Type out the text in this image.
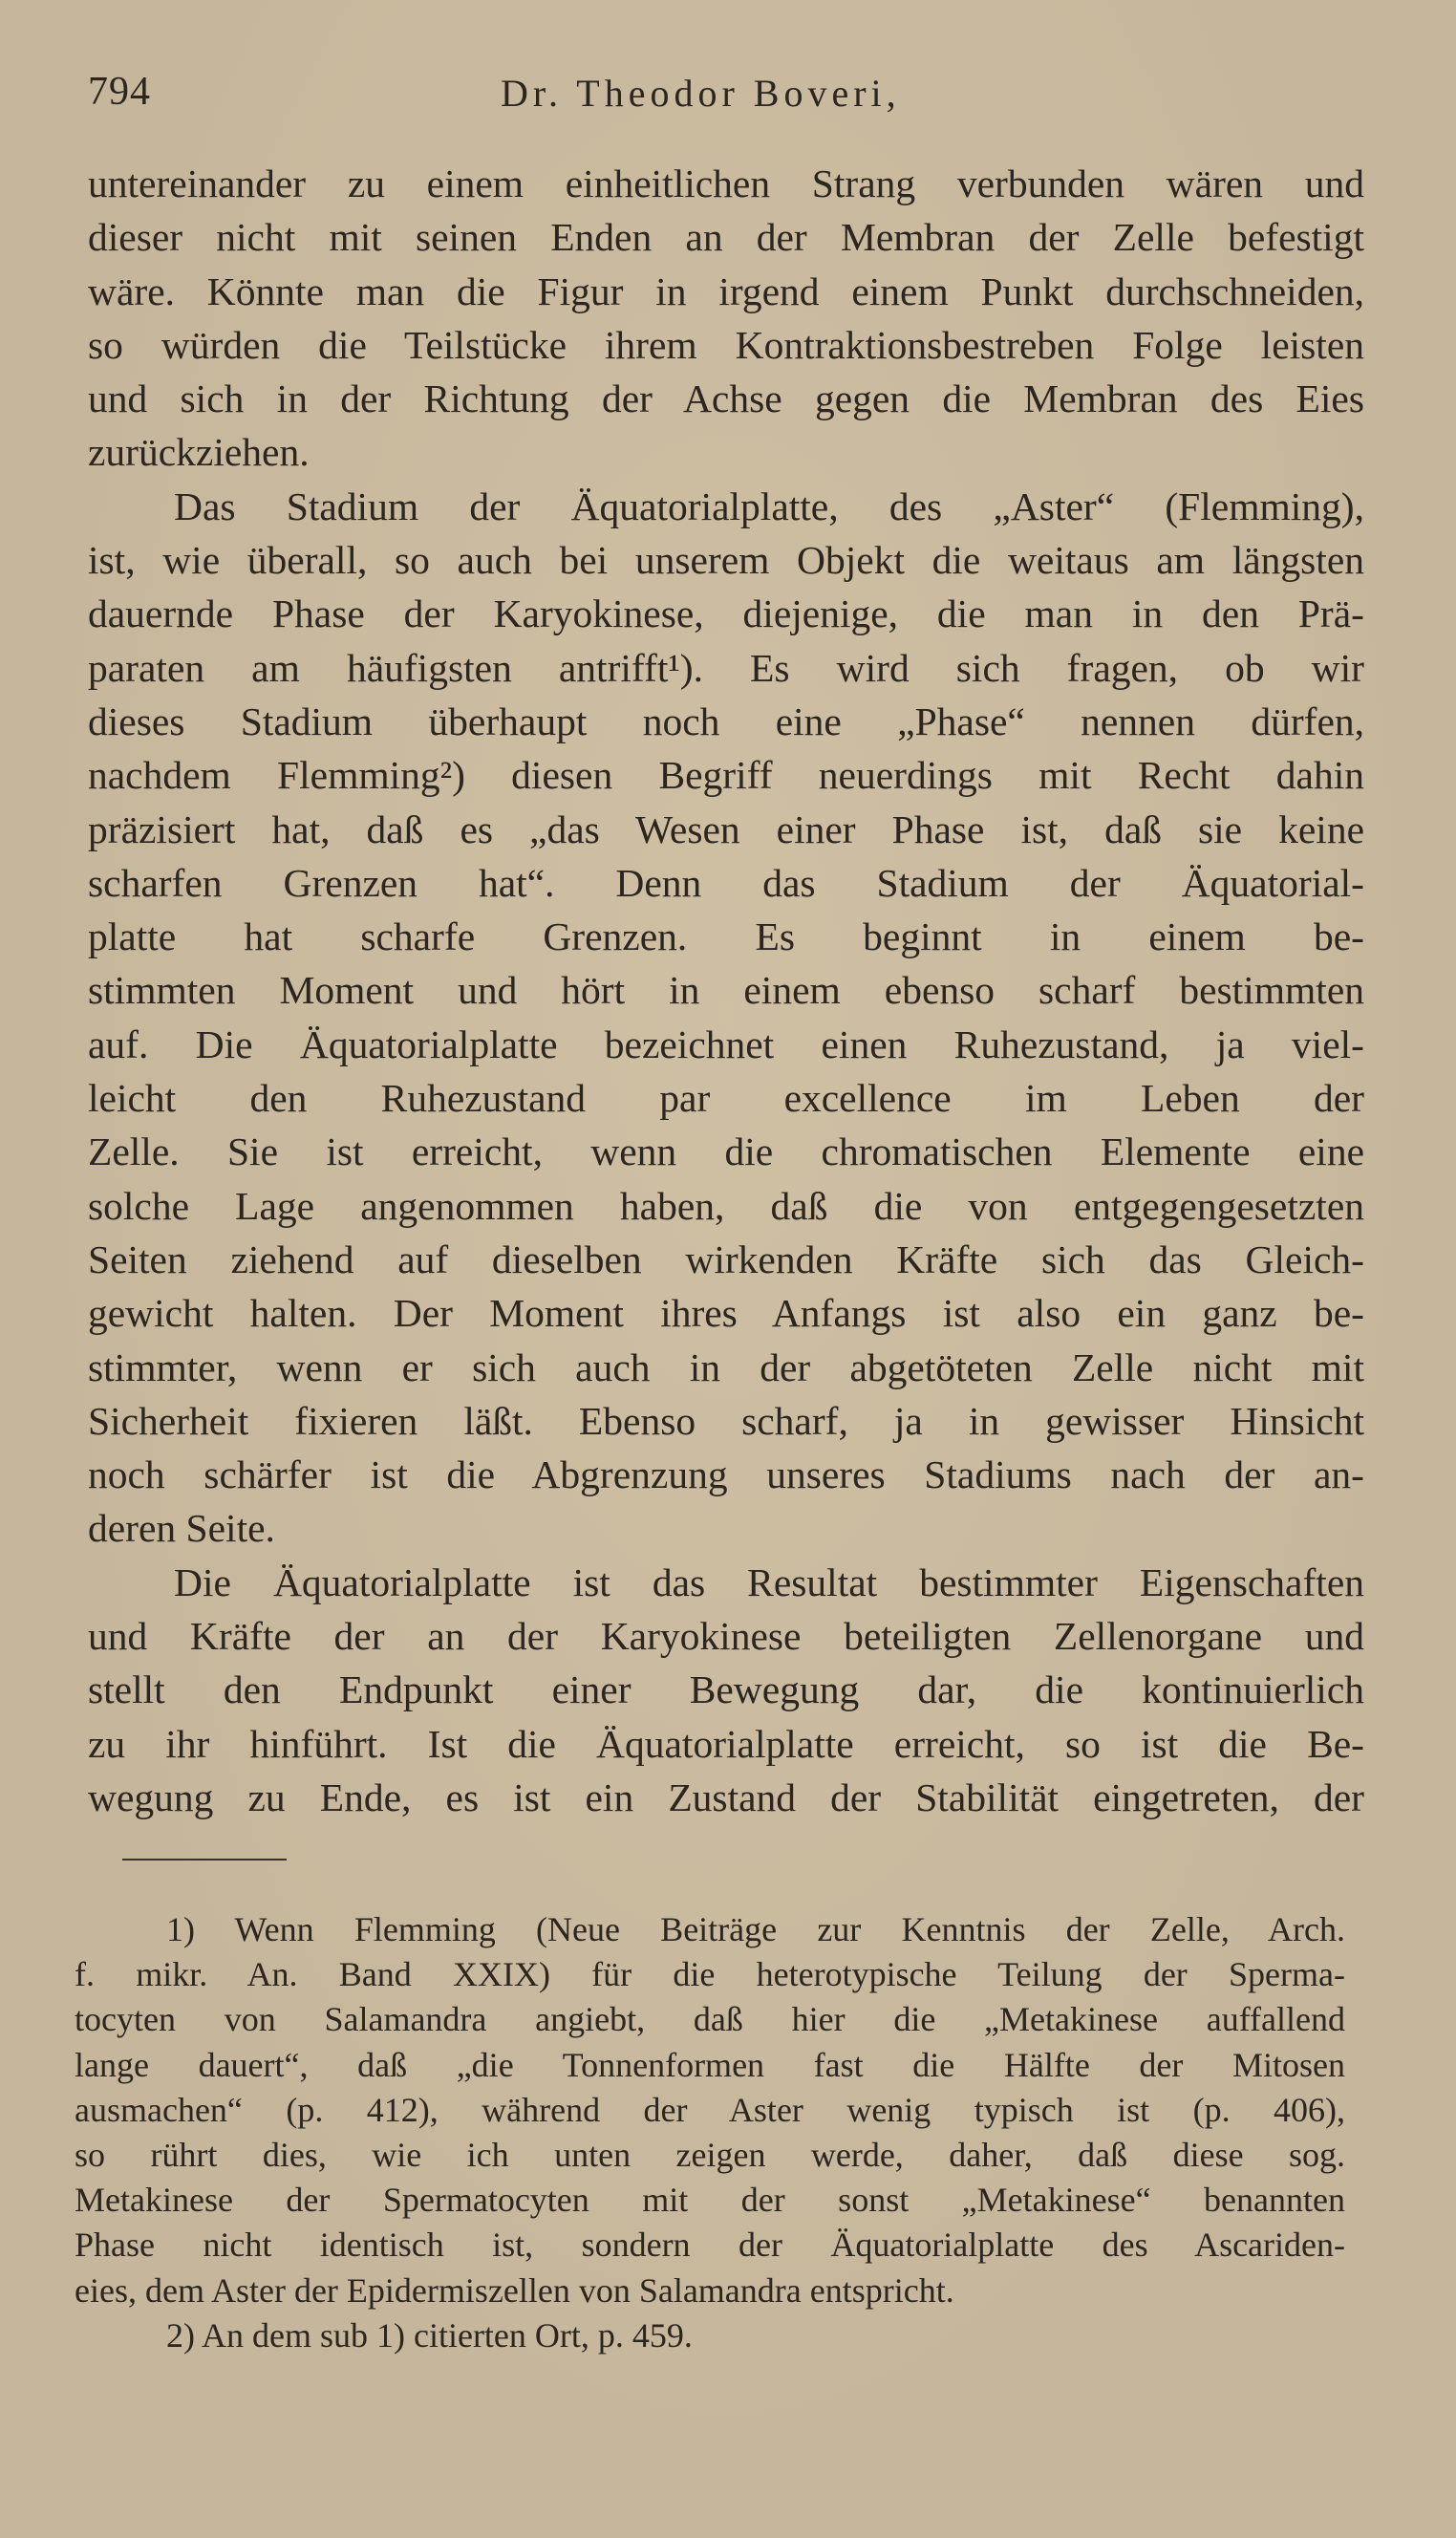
794	Dr. Theodor Boveri,
untereinander zu einem einheitlichen Strang verbunden wären und
dieser nicht mit seinen Enden an der Membran der Zelle befestigt
wäre. Könnte man die Figur in irgend einem Punkt durchschneiden,
so würden die Teilstücke ihrem Kontraktionsbestreben Folge leisten
und sich in der Richtung der Achse gegen die Membran des Eies
zurückziehen.
Das Stadium der Äquatorialplatte, des „Aster“ (Flemming),
ist, wie überall, so auch bei unserem Objekt die weitaus am längsten
dauernde Phase der Karyokinese, diejenige, die man in den Prä-
paraten am häufigsten antrifft¹). Es wird sich fragen, ob wir
dieses Stadium überhaupt noch eine „Phase“ nennen dürfen,
nachdem Flemming²) diesen Begriff neuerdings mit Recht dahin
präzisiert hat, daß es „das Wesen einer Phase ist, daß sie keine
scharfen Grenzen hat“. Denn das Stadium der Äquatorial-
platte hat scharfe Grenzen. Es beginnt in einem be-
stimmten Moment und hört in einem ebenso scharf bestimmten
auf. Die Äquatorialplatte bezeichnet einen Ruhezustand, ja viel-
leicht den Ruhezustand par excellence im Leben der
Zelle. Sie ist erreicht, wenn die chromatischen Elemente eine
solche Lage angenommen haben, daß die von entgegengesetzten
Seiten ziehend auf dieselben wirkenden Kräfte sich das Gleich-
gewicht halten. Der Moment ihres Anfangs ist also ein ganz be-
stimmter, wenn er sich auch in der abgetöteten Zelle nicht mit
Sicherheit fixieren läßt. Ebenso scharf, ja in gewisser Hinsicht
noch schärfer ist die Abgrenzung unseres Stadiums nach der an-
deren Seite.
Die Äquatorialplatte ist das Resultat bestimmter Eigenschaften
und Kräfte der an der Karyokinese beteiligten Zellenorgane und
stellt den Endpunkt einer Bewegung dar, die kontinuierlich
zu ihr hinführt. Ist die Äquatorialplatte erreicht, so ist die Be-
wegung zu Ende, es ist ein Zustand der Stabilität eingetreten, der
1) Wenn Flemming (Neue Beiträge zur Kenntnis der Zelle, Arch.
f. mikr. An. Band XXIX) für die heterotypische Teilung der Sperma-
tocyten von Salamandra angiebt, daß hier die „Metakinese auffallend
lange dauert“, daß „die Tonnenformen fast die Hälfte der Mitosen
ausmachen“ (p. 412), während der Aster wenig typisch ist (p. 406),
so rührt dies, wie ich unten zeigen werde, daher, daß diese sog.
Metakinese der Spermatocyten mit der sonst „Metakinese“ benannten
Phase nicht identisch ist, sondern der Äquatorialplatte des Ascariden-
eies, dem Aster der Epidermiszellen von Salamandra entspricht.
2) An dem sub 1) citierten Ort, p. 459.
